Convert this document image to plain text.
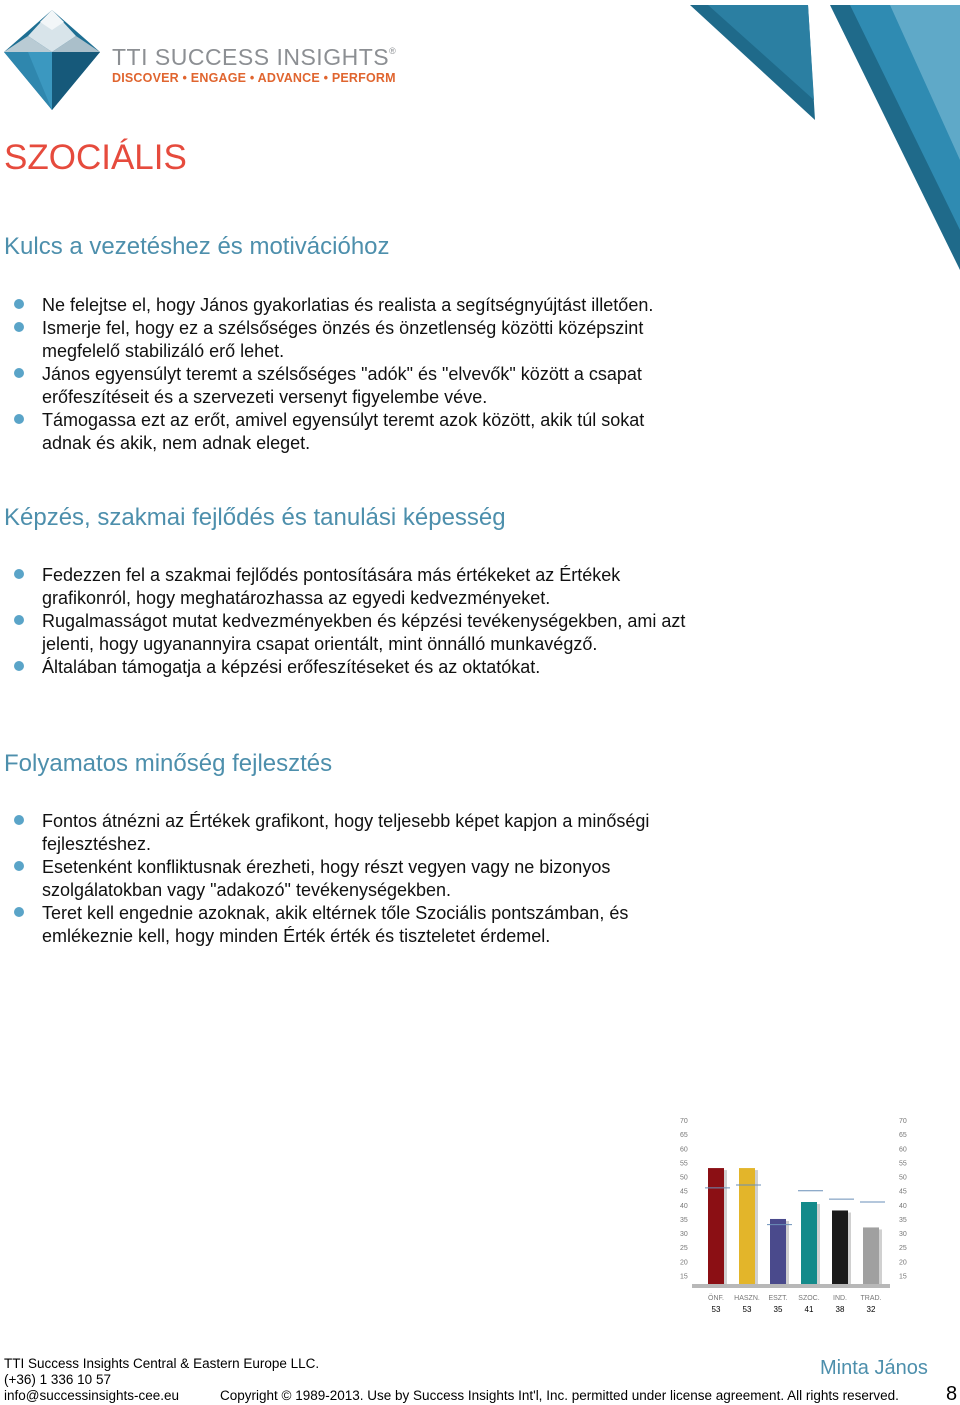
TTI SUCCESS INSIGHTS®
DISCOVER • ENGAGE • ADVANCE • PERFORM
SZOCIÁLIS
Kulcs a vezetéshez és motivációhoz
Ne felejtse el, hogy János gyakorlatias és realista a segítségnyújtást illetően.
Ismerje fel, hogy ez a szélsőséges önzés és önzetlenség közötti középszint megfelelő stabilizáló erő lehet.
János egyensúlyt teremt a szélsőséges "adók" és "elvevők" között a csapat erőfeszítéseit és a szervezeti versenyt figyelembe véve.
Támogassa ezt az erőt, amivel egyensúlyt teremt azok között, akik túl sokat adnak és akik, nem adnak eleget.
Képzés, szakmai fejlődés és tanulási képesség
Fedezzen fel a szakmai fejlődés pontosítására más értékeket az Értékek grafikonról, hogy meghatározhassa az egyedi kedvezményeket.
Rugalmasságot mutat kedvezményekben és képzési tevékenységekben, ami azt jelenti, hogy ugyanannyira csapat orientált, mint önnálló munkavégző.
Általában támogatja a képzési erőfeszítéseket és az oktatókat.
Folyamatos minőség fejlesztés
Fontos átnézni az Értékek grafikont, hogy teljesebb képet kapjon a minőségi fejlesztéshez.
Esetenként konfliktusnak érezheti, hogy részt vegyen vagy ne bizonyos szolgálatokban vagy "adakozó" tevékenységekben.
Teret kell engednie azoknak, akik eltérnek tőle Szociális pontszámban, és emlékeznie kell, hogy minden Érték érték és tiszteletet érdemel.
70	70
65	65
60	60
55	55
50	50
45	45
40	40
35	35
30	30
25	25
20	20
15	15
ÖNF.
53
HASZN.
53
ESZT.
35
SZOC.
41
IND.
38
TRAD.
32
TTI Success Insights Central & Eastern Europe LLC.
(+36) 1 336 10 57
info@successinsights-cee.eu	Copyright © 1989-2013. Use by Success Insights Int'l, Inc. permitted under license agreement. All rights reserved.
Minta János
8
